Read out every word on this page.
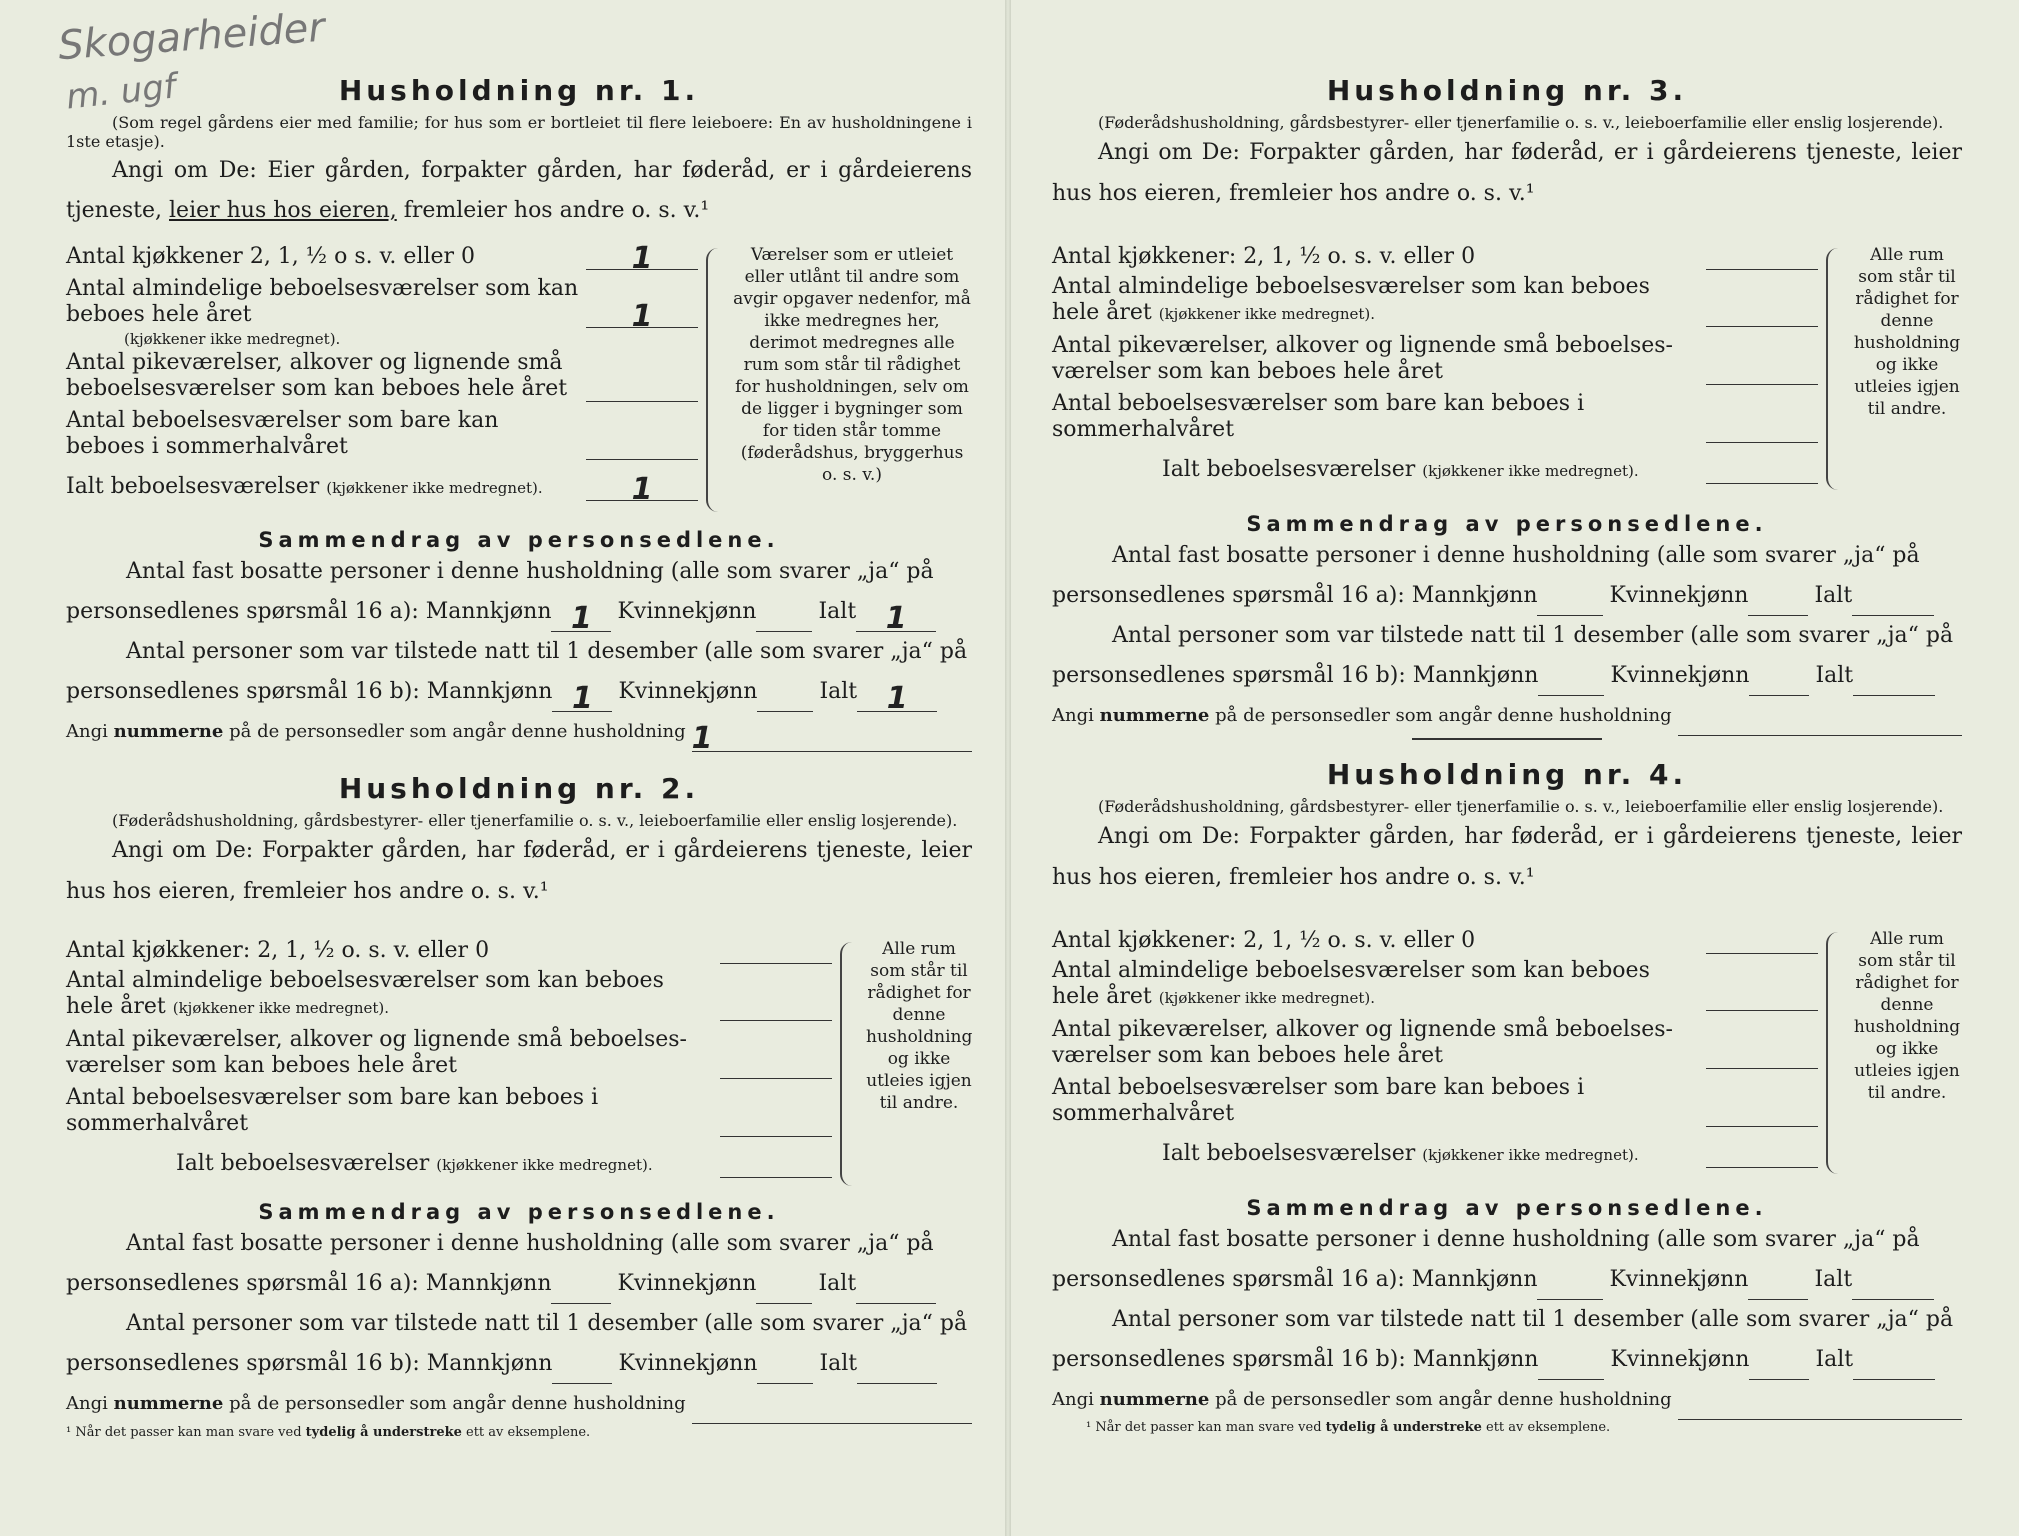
Skogarheider
m. ugf	Husholdning nr. 1.

(Som regel gårdens eier med familie; for hus som er bortleiet til flere leieboere: En av husholdningene i 1ste etasje).

Angi om De: Eier gården, forpakter gården, har føderåd, er i gårdeierens tjeneste, leier hus hos eieren, fremleier hos andre o. s. v.¹

Antal kjøkkener 2, 1, ½ o s. v. eller 0	1
Antal almindelige beboelsesværelser som kan beboes hele året	1
(kjøkkener ikke medregnet).
Antal pikeværelser, alkover og lignende små beboelsesværelser som kan beboes hele året
Antal beboelsesværelser som bare kan beboes i sommerhalvåret
Ialt beboelsesværelser (kjøkkener ikke medregnet).	1
Værelser som er utleiet eller utlånt til andre som avgir opgaver nedenfor, må ikke medregnes her, derimot medregnes alle rum som står til rådighet for husholdningen, selv om de ligger i bygninger som for tiden står tomme (føderådshus, bryggerhus o. s. v.)
Sammendrag av personsedlene.

Antal fast bosatte personer i denne husholdning (alle som svarer „ja“ på

personsedlenes spørsmål 16 a): Mannkjønn 1	Kvinnekjønn	Ialt 1

Antal personer som var tilstede natt til 1 desember (alle som svarer „ja“ på

personsedlenes spørsmål 16 b): Mannkjønn 1	Kvinnekjønn	Ialt 1
Angi
nummerne
på de personsedler som angår denne husholdning 1
Husholdning nr. 2.

(Føderådshusholdning, gårdsbestyrer- eller tjenerfamilie o. s. v., leieboerfamilie eller enslig losjerende).

Angi om De: Forpakter gården, har føderåd, er i gårdeierens tjeneste, leier hus hos eieren, fremleier hos andre o. s. v.¹

Antal kjøkkener: 2, 1, ½ o. s. v. eller 0
Antal almindelige beboelsesværelser som kan beboes hele året (kjøkkener ikke medregnet).
Antal pikeværelser, alkover og lignende små beboelses-værelser som kan beboes hele året
Antal beboelsesværelser som bare kan beboes i sommerhalvåret
Ialt beboelsesværelser (kjøkkener ikke medregnet).
Alle rum som står til rådighet for denne husholdning og ikke utleies igjen til andre.
Sammendrag av personsedlene.

Antal fast bosatte personer i denne husholdning (alle som svarer „ja“ på

personsedlenes spørsmål 16 a): Mannkjønn	Kvinnekjønn	Ialt

Antal personer som var tilstede natt til 1 desember (alle som svarer „ja“ på

personsedlenes spørsmål 16 b): Mannkjønn	Kvinnekjønn	Ialt
Angi
nummerne
på de personsedler som angår denne husholdning
¹ Når det passer kan man svare ved tydelig å understreke ett av eksemplene.
Husholdning nr. 3.

(Føderådshusholdning, gårdsbestyrer- eller tjenerfamilie o. s. v., leieboerfamilie eller enslig losjerende).

Angi om De: Forpakter gården, har føderåd, er i gårdeierens tjeneste, leier hus hos eieren, fremleier hos andre o. s. v.¹

Antal kjøkkener: 2, 1, ½ o. s. v. eller 0
Antal almindelige beboelsesværelser som kan beboes hele året (kjøkkener ikke medregnet).
Antal pikeværelser, alkover og lignende små beboelses-værelser som kan beboes hele året
Antal beboelsesværelser som bare kan beboes i sommerhalvåret
Ialt beboelsesværelser (kjøkkener ikke medregnet).
Alle rum som står til rådighet for denne husholdning og ikke utleies igjen til andre.
Sammendrag av personsedlene.

Antal fast bosatte personer i denne husholdning (alle som svarer „ja“ på

personsedlenes spørsmål 16 a): Mannkjønn	Kvinnekjønn	Ialt

Antal personer som var tilstede natt til 1 desember (alle som svarer „ja“ på

personsedlenes spørsmål 16 b): Mannkjønn	Kvinnekjønn	Ialt
Angi
nummerne
på de personsedler som angår denne husholdning
Husholdning nr. 4.

(Føderådshusholdning, gårdsbestyrer- eller tjenerfamilie o. s. v., leieboerfamilie eller enslig losjerende).

Angi om De: Forpakter gården, har føderåd, er i gårdeierens tjeneste, leier hus hos eieren, fremleier hos andre o. s. v.¹

Antal kjøkkener: 2, 1, ½ o. s. v. eller 0
Antal almindelige beboelsesværelser som kan beboes hele året (kjøkkener ikke medregnet).
Antal pikeværelser, alkover og lignende små beboelses-værelser som kan beboes hele året
Antal beboelsesværelser som bare kan beboes i sommerhalvåret
Ialt beboelsesværelser (kjøkkener ikke medregnet).
Alle rum som står til rådighet for denne husholdning og ikke utleies igjen til andre.
Sammendrag av personsedlene.

Antal fast bosatte personer i denne husholdning (alle som svarer „ja“ på

personsedlenes spørsmål 16 a): Mannkjønn	Kvinnekjønn	Ialt

Antal personer som var tilstede natt til 1 desember (alle som svarer „ja“ på

personsedlenes spørsmål 16 b): Mannkjønn	Kvinnekjønn	Ialt
Angi
nummerne
på de personsedler som angår denne husholdning
¹ Når det passer kan man svare ved tydelig å understreke ett av eksemplene.
